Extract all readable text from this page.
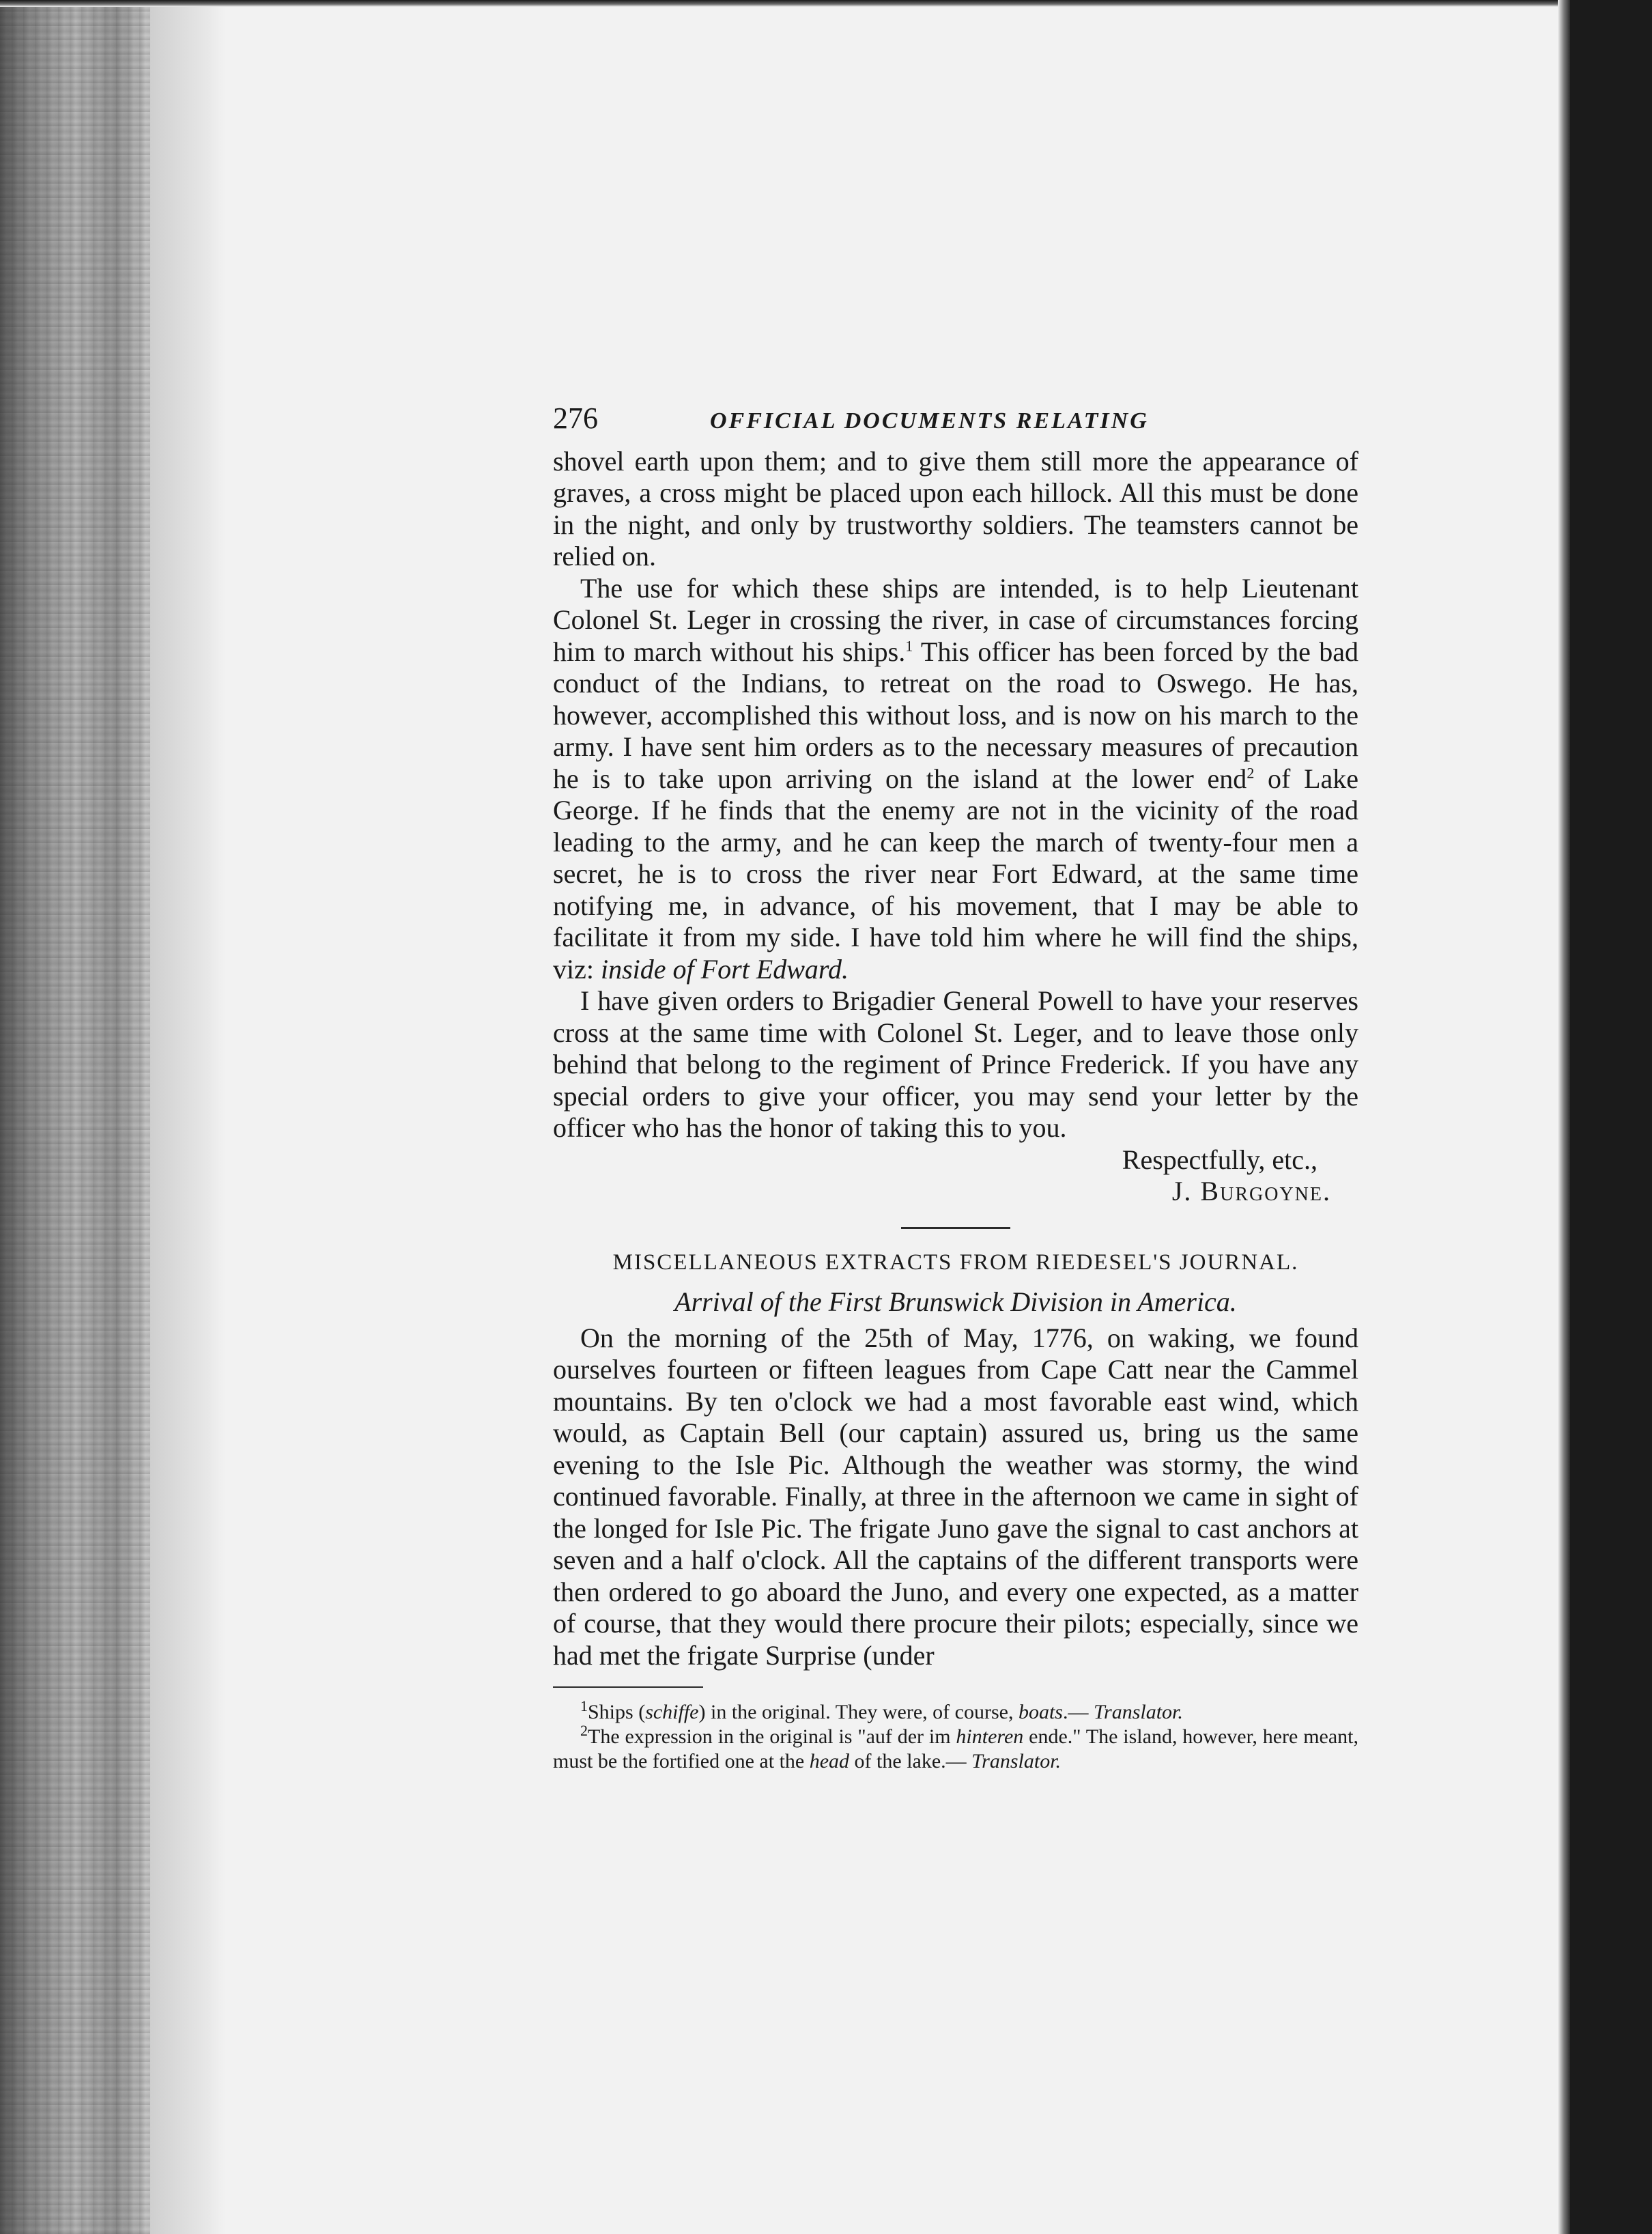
276	OFFICIAL DOCUMENTS RELATING

shovel earth upon them; and to give them still more the appearance of graves, a cross might be placed upon each hillock. All this must be done in the night, and only by trustworthy soldiers. The teamsters cannot be relied on.

The use for which these ships are intended, is to help Lieutenant Colonel St. Leger in crossing the river, in case of circumstances forcing him to march without his ships.$^1$ This officer has been forced by the bad conduct of the Indians, to retreat on the road to Oswego. He has, however, accomplished this without loss, and is now on his march to the army. I have sent him orders as to the necessary measures of precaution he is to take upon arriving on the island at the lower end$^2$ of Lake George. If he finds that the enemy are not in the vicinity of the road leading to the army, and he can keep the march of twenty-four men a secret, he is to cross the river near Fort Edward, at the same time notifying me, in advance, of his movement, that I may be able to facilitate it from my side. I have told him where he will find the ships, viz: inside of Fort Edward.

I have given orders to Brigadier General Powell to have your reserves cross at the same time with Colonel St. Leger, and to leave those only behind that belong to the regiment of Prince Frederick. If you have any special orders to give your officer, you may send your letter by the officer who has the honor of taking this to you.

Respectfully, etc.,

J. Burgoyne.

MISCELLANEOUS EXTRACTS FROM RIEDESEL'S JOURNAL.

Arrival of the First Brunswick Division in America.

On the morning of the 25th of May, 1776, on waking, we found ourselves fourteen or fifteen leagues from Cape Catt near the Cammel mountains. By ten o'clock we had a most favorable east wind, which would, as Captain Bell (our captain) assured us, bring us the same evening to the Isle Pic. Although the weather was stormy, the wind continued favorable. Finally, at three in the afternoon we came in sight of the longed for Isle Pic. The frigate Juno gave the signal to cast anchors at seven and a half o'clock. All the captains of the different transports were then ordered to go aboard the Juno, and every one expected, as a matter of course, that they would there procure their pilots; especially, since we had met the frigate Surprise (under

$^1$Ships (schiffe) in the original. They were, of course, boats.— Translator.

$^2$The expression in the original is "auf der im hinteren ende." The island, however, here meant, must be the fortified one at the head of the lake.— Translator.
